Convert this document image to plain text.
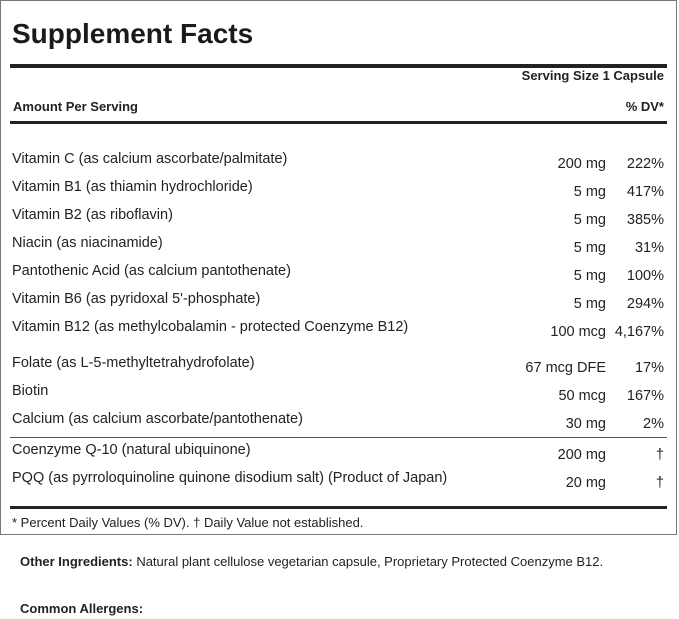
Supplement Facts
Serving Size 1 Capsule
Amount Per Serving	% DV*
Vitamin C (as calcium ascorbate/palmitate)	200 mg	222%
Vitamin B1 (as thiamin hydrochloride)	5 mg	417%
Vitamin B2 (as riboflavin)	5 mg	385%
Niacin (as niacinamide)	5 mg	31%
Pantothenic Acid (as calcium pantothenate)	5 mg	100%
Vitamin B6 (as pyridoxal 5'-phosphate)	5 mg	294%
Vitamin B12 (as methylcobalamin - protected Coenzyme B12)	100 mcg 4,167%
Folate (as L-5-methyltetrahydrofolate)	67 mcg DFE	17%
Biotin	50 mcg	167%
Calcium (as calcium ascorbate/pantothenate)	30 mg	2%
Coenzyme Q-10 (natural ubiquinone)	200 mg	†
PQQ (as pyrroloquinoline quinone disodium salt) (Product of Japan)	20 mg	†
* Percent Daily Values (% DV). † Daily Value not established.
Other Ingredients: Natural plant cellulose vegetarian capsule, Proprietary Protected Coenzyme B12.
Common Allergens:
